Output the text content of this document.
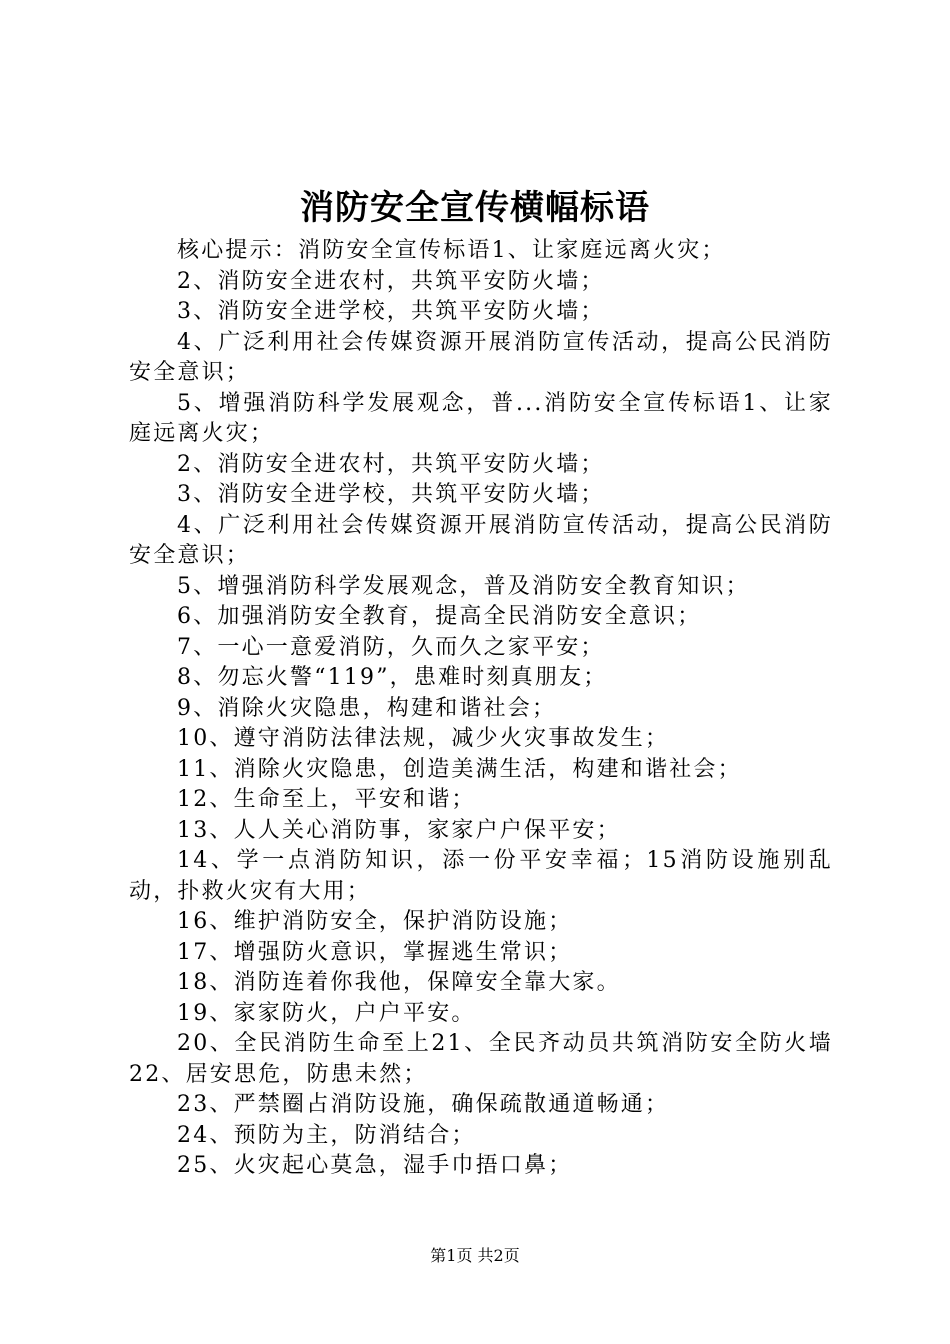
消防安全宣传横幅标语

核心提示：消防安全宣传标语1、让家庭远离火灾；

2、消防安全进农村，共筑平安防火墙；

3、消防安全进学校，共筑平安防火墙；

4、广泛利用社会传媒资源开展消防宣传活动，提高公民消防安全意识；

5、增强消防科学发展观念，普...消防安全宣传标语1、让家庭远离火灾；

2、消防安全进农村，共筑平安防火墙；

3、消防安全进学校，共筑平安防火墙；

4、广泛利用社会传媒资源开展消防宣传活动，提高公民消防安全意识；

5、增强消防科学发展观念，普及消防安全教育知识；

6、加强消防安全教育，提高全民消防安全意识；

7、一心一意爱消防，久而久之家平安；

8、勿忘火警“119”，患难时刻真朋友；

9、消除火灾隐患，构建和谐社会；

10、遵守消防法律法规，减少火灾事故发生；

11、消除火灾隐患，创造美满生活，构建和谐社会；

12、生命至上，平安和谐；

13、人人关心消防事，家家户户保平安；

14、学一点消防知识，添一份平安幸福；15消防设施别乱动，扑救火灾有大用；

16、维护消防安全，保护消防设施；

17、增强防火意识，掌握逃生常识；

18、消防连着你我他，保障安全靠大家。

19、家家防火，户户平安。

20、全民消防生命至上21、全民齐动员共筑消防安全防火墙22、居安思危，防患未然；

23、严禁圈占消防设施，确保疏散通道畅通；

24、预防为主，防消结合；

25、火灾起心莫急，湿手巾捂口鼻；

第1页 共2页
